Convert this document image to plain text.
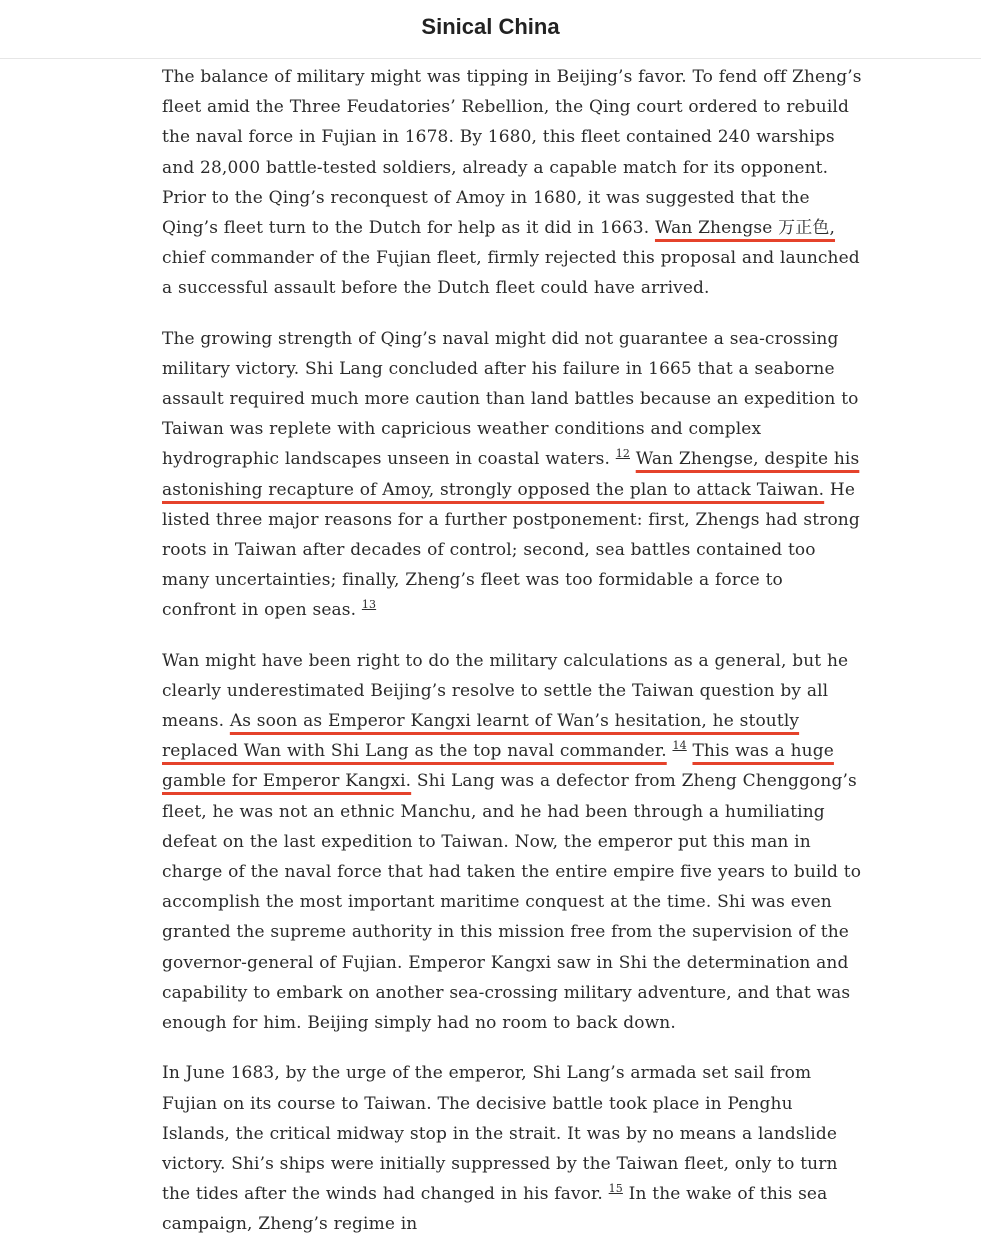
Sinical China

The balance of military might was tipping in Beijing’s favor. To fend off Zheng’s fleet amid the Three Feudatories’ Rebellion, the Qing court ordered to rebuild the naval force in Fujian in 1678. By 1680, this fleet contained 240 warships and 28,000 battle-tested soldiers, already a capable match for its opponent. Prior to the Qing’s reconquest of Amoy in 1680, it was suggested that the Qing’s fleet turn to the Dutch for help as it did in 1663. Wan Zhengse 万正色, chief commander of the Fujian fleet, firmly rejected this proposal and launched a successful assault before the Dutch fleet could have arrived.

The growing strength of Qing’s naval might did not guarantee a sea-crossing military victory. Shi Lang concluded after his failure in 1665 that a seaborne assault required much more caution than land battles because an expedition to Taiwan was replete with capricious weather conditions and complex hydrographic landscapes unseen in coastal waters. $^{12}$ Wan Zhengse, despite his astonishing recapture of Amoy, strongly opposed the plan to attack Taiwan. He listed three major reasons for a further postponement: first, Zhengs had strong roots in Taiwan after decades of control; second, sea battles contained too many uncertainties; finally, Zheng’s fleet was too formidable a force to confront in open seas. $^{13}$

Wan might have been right to do the military calculations as a general, but he clearly underestimated Beijing’s resolve to settle the Taiwan question by all means. As soon as Emperor Kangxi learnt of Wan’s hesitation, he stoutly replaced Wan with Shi Lang as the top naval commander. $^{14}$ This was a huge gamble for Emperor Kangxi. Shi Lang was a defector from Zheng Chenggong’s fleet, he was not an ethnic Manchu, and he had been through a humiliating defeat on the last expedition to Taiwan. Now, the emperor put this man in charge of the naval force that had taken the entire empire five years to build to accomplish the most important maritime conquest at the time. Shi was even granted the supreme authority in this mission free from the supervision of the governor-general of Fujian. Emperor Kangxi saw in Shi the determination and capability to embark on another sea-crossing military adventure, and that was enough for him. Beijing simply had no room to back down.

In June 1683, by the urge of the emperor, Shi Lang’s armada set sail from Fujian on its course to Taiwan. The decisive battle took place in Penghu Islands, the critical midway stop in the strait. It was by no means a landslide victory. Shi’s ships were initially suppressed by the Taiwan fleet, only to turn the tides after the winds had changed in his favor. $^{15}$ In the wake of this sea campaign, Zheng’s regime in
